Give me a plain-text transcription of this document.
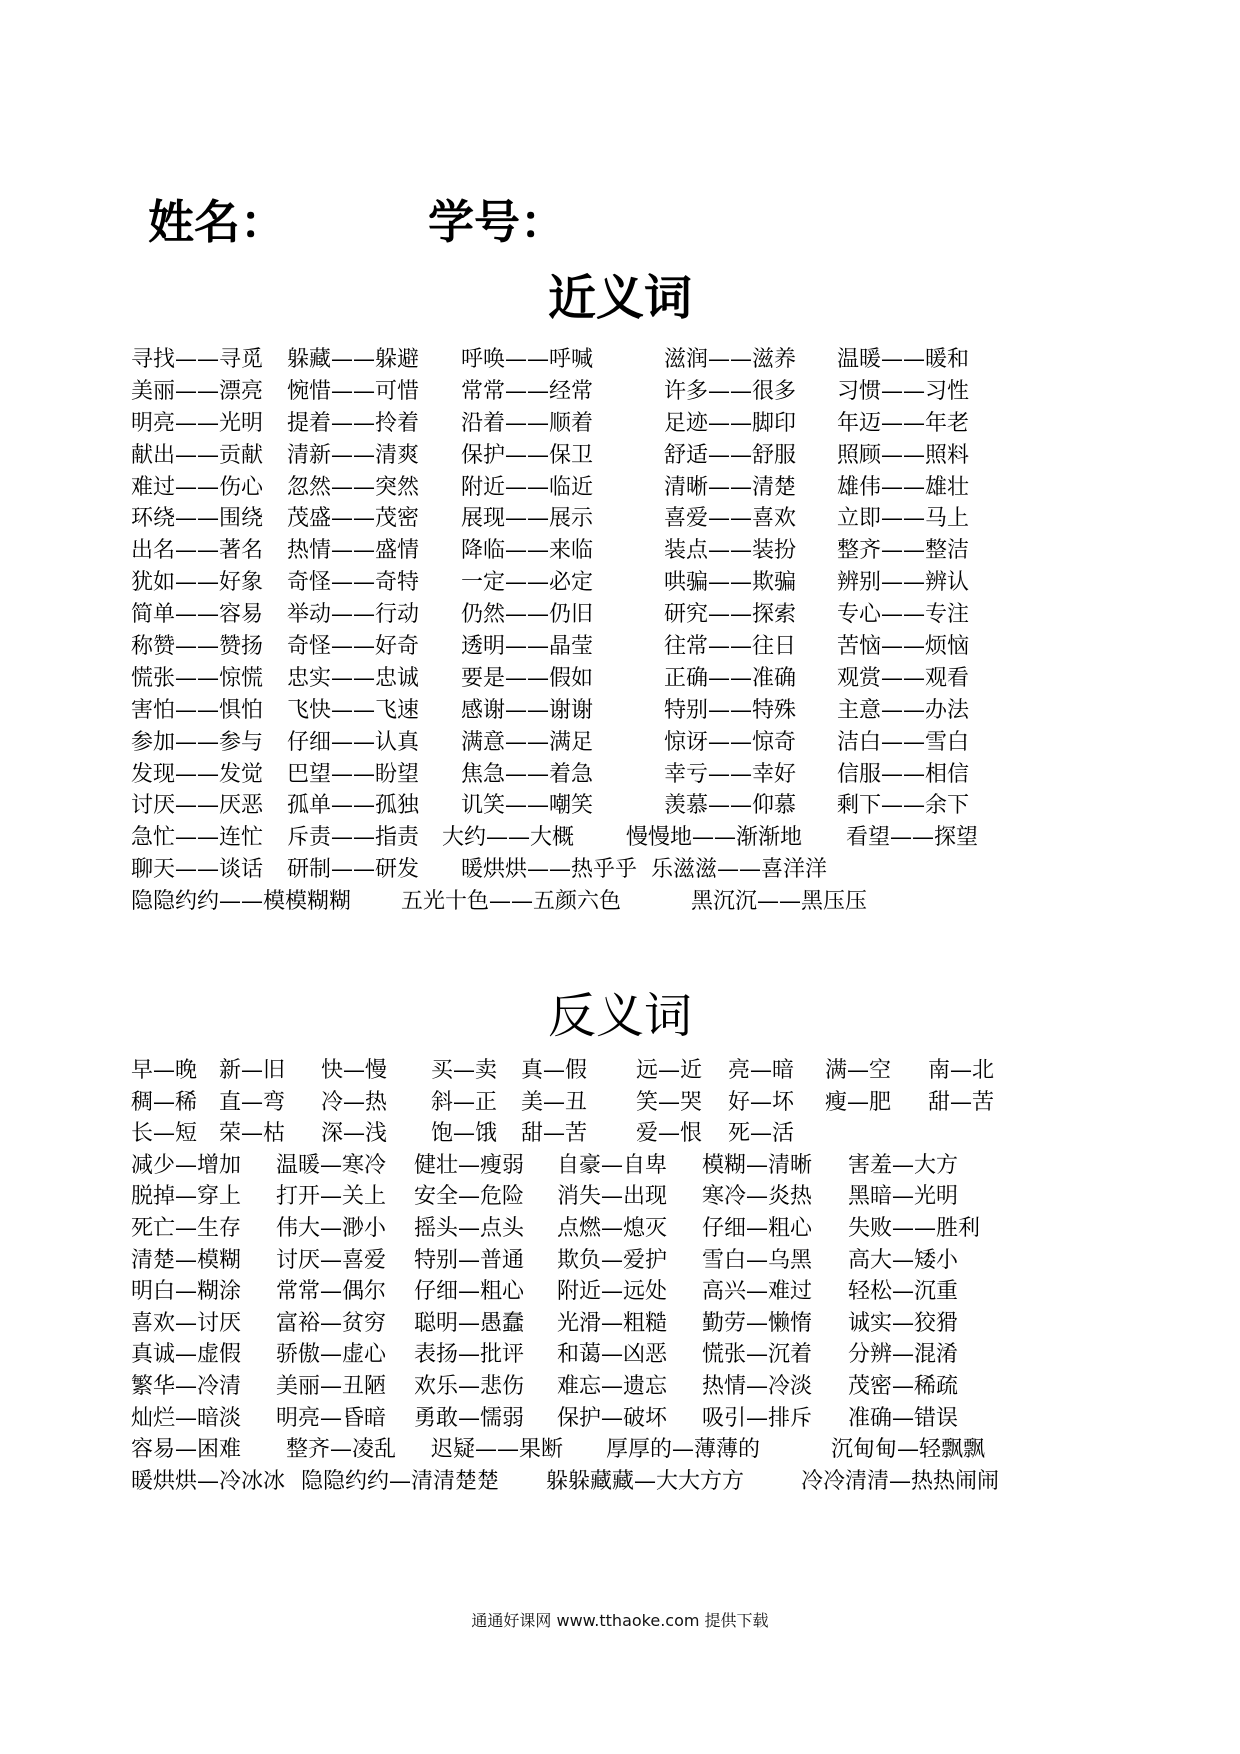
姓名：	学号：
近义词
寻找——寻觅 躲藏——躲避 呼唤——呼喊	滋润——滋养 温暖——暖和
美丽——漂亮 惋惜——可惜 常常——经常	许多——很多 习惯——习性
明亮——光明 提着——拎着 沿着——顺着	足迹——脚印 年迈——年老
献出——贡献 清新——清爽 保护——保卫	舒适——舒服 照顾——照料
难过——伤心 忽然——突然 附近——临近	清晰——清楚 雄伟——雄壮
环绕——围绕 茂盛——茂密 展现——展示	喜爱——喜欢 立即——马上
出名——著名 热情——盛情 降临——来临	装点——装扮 整齐——整洁
犹如——好象 奇怪——奇特 一定——必定	哄骗——欺骗 辨别——辨认
简单——容易 举动——行动 仍然——仍旧	研究——探索 专心——专注
称赞——赞扬 奇怪——好奇 透明——晶莹	往常——往日 苦恼——烦恼
慌张——惊慌 忠实——忠诚 要是——假如	正确——准确 观赏——观看
害怕——惧怕 飞快——飞速 感谢——谢谢	特别——特殊 主意——办法
参加——参与 仔细——认真 满意——满足	惊讶——惊奇 洁白——雪白
发现——发觉 巴望——盼望 焦急——着急	幸亏——幸好 信服——相信
讨厌——厌恶 孤单——孤独 讥笑——嘲笑	羡慕——仰慕 剩下——余下
急忙——连忙 斥责——指责 大约——大概 慢慢地——渐渐地 看望——探望
聊天——谈话 研制——研发 暖烘烘——热乎乎 乐滋滋——喜洋洋
隐隐约约——模模糊糊 五光十色——五颜六色	黑沉沉——黑压压
反义词
早—晚 新—旧 快—慢 买—卖 真—假 远—近 亮—暗 满—空 南—北
稠—稀 直—弯 冷—热 斜—正 美—丑 笑—哭 好—坏 瘦—肥 甜—苦
长—短 荣—枯 深—浅 饱—饿 甜—苦 爱—恨 死—活
减少—增加 温暖—寒冷 健壮—瘦弱 自豪—自卑 模糊—清晰 害羞—大方
脱掉—穿上 打开—关上 安全—危险 消失—出现 寒冷—炎热 黑暗—光明
死亡—生存 伟大—渺小 摇头—点头 点燃—熄灭 仔细—粗心 失败——胜利
清楚—模糊 讨厌—喜爱 特别—普通 欺负—爱护 雪白—乌黑 高大—矮小
明白—糊涂 常常—偶尔 仔细—粗心 附近—远处 高兴—难过 轻松—沉重
喜欢—讨厌 富裕—贫穷 聪明—愚蠢 光滑—粗糙 勤劳—懒惰 诚实—狡猾
真诚—虚假 骄傲—虚心 表扬—批评 和蔼—凶恶 慌张—沉着 分辨—混淆
繁华—冷清 美丽—丑陋 欢乐—悲伤 难忘—遗忘 热情—冷淡 茂密—稀疏
灿烂—暗淡 明亮—昏暗 勇敢—懦弱 保护—破坏 吸引—排斥 准确—错误
容易—困难 整齐—凌乱 迟疑——果断 厚厚的—薄薄的	沉甸甸—轻飘飘
暖烘烘—冷冰冰 隐隐约约—清清楚楚 躲躲藏藏—大大方方	冷冷清清—热热闹闹
通通好课网 www.tthaoke.com 提供下载
